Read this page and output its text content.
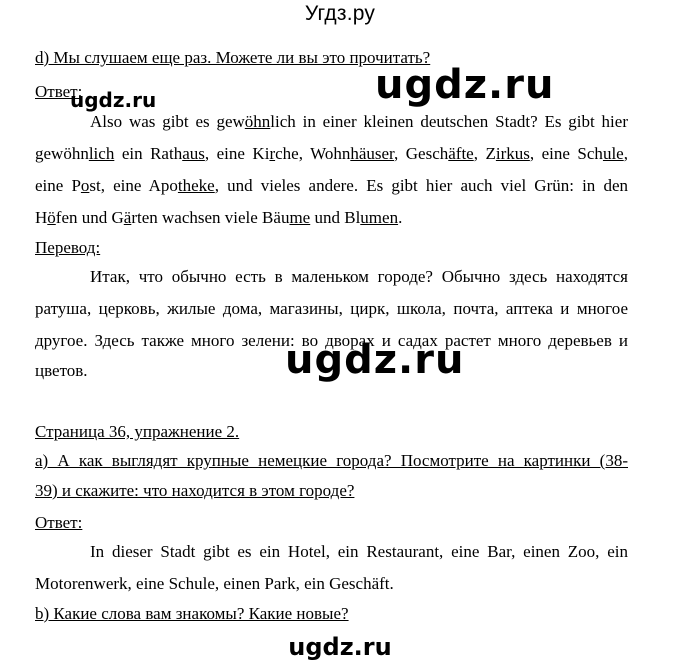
Угдз.ру
d) Мы слушаем еще раз. Можете ли вы это прочитать?
Ответ:
Also was gibt es gewöhnlich in einer kleinen deutschen Stadt? Es gibt hier
gewöhnlich ein Rathaus, eine Kirche, Wohnhäuser, Geschäfte, Zirkus, eine Schule,
eine Post, eine Apotheke, und vieles andere. Es gibt hier auch viel Grün: in den
Höfen und Gärten wachsen viele Bäume und Blumen.
Перевод:
Итак, что обычно есть в маленьком городе? Обычно здесь находятся
ратуша, церковь, жилые дома, магазины, цирк, школа, почта, аптека и многое
другое. Здесь также много зелени: во дворах и садах растет много деревьев и
цветов.
Страница 36, упражнение 2.
а) А как выглядят крупные немецкие города? Посмотрите на картинки (38-
39) и скажите: что находится в этом городе?
Ответ:
In dieser Stadt gibt es ein Hotel, ein Restaurant, eine Bar, einen Zoo, ein
Motorenwerk, eine Schule, einen Park, ein Geschäft.
b) Какие слова вам знакомы? Какие новые?
ugdz.ru
ugdz.ru
ugdz.ru
ugdz.ru
